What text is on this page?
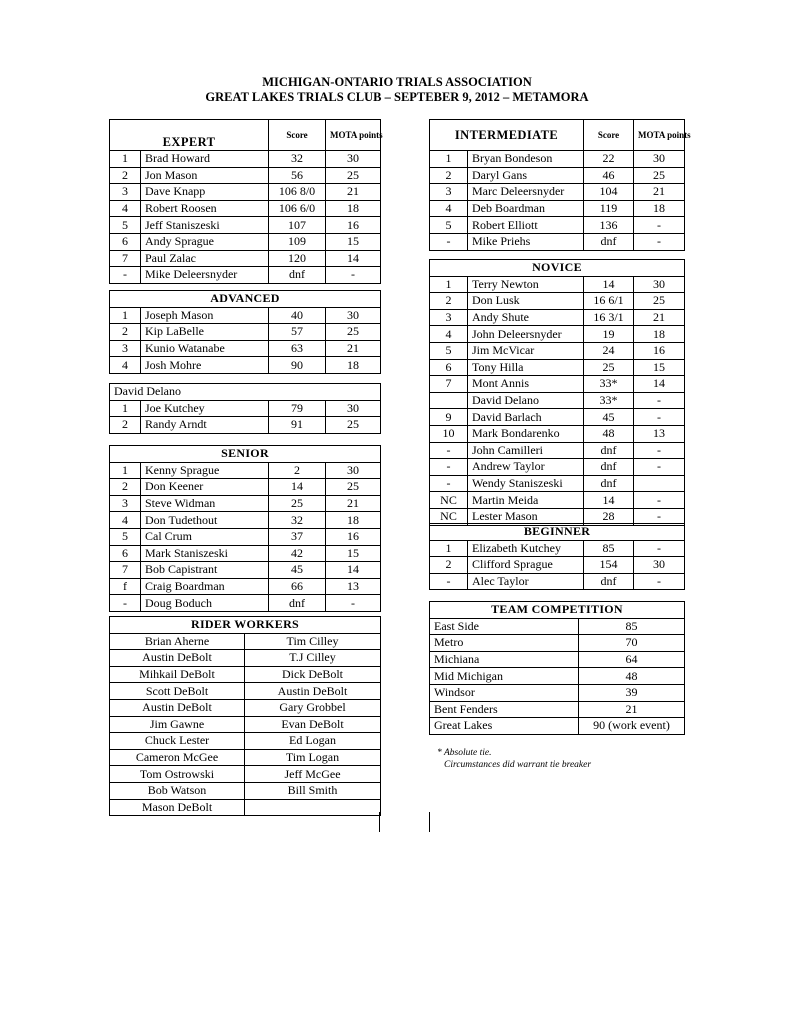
MICHIGAN-ONTARIO TRIALS ASSOCIATION
GREAT LAKES TRIALS CLUB – SEPTEBER 9, 2012 – METAMORA
EXPERT		Score	MOTA points
1	Brad Howard	32	30
2	Jon Mason	56	25
3	Dave Knapp	106 8/0	21
4	Robert Roosen	106 6/0	18
5	Jeff Staniszeski	107	16
6	Andy Sprague	109	15
7	Paul Zalac	120	14
-	Mike Deleersnyder	dnf	-
ADVANCED			
1	Joseph Mason	40	30
2	Kip LaBelle	57	25
3	Kunio Watanabe	63	21
4	Josh Mohre	90	18
David Delano			
1	Joe Kutchey	79	30
2	Randy Arndt	91	25
SENIOR			
1	Kenny Sprague	2	30
2	Don Keener	14	25
3	Steve Widman	25	21
4	Don Tudethout	32	18
5	Cal Crum	37	16
6	Mark Staniszeski	42	15
7	Bob Capistrant	45	14
f	Craig Boardman	66	13
-	Doug Boduch	dnf	-
RIDER WORKERS	
Brian Aherne	Tim Cilley
Austin DeBolt	T.J Cilley
Mihkail DeBolt	Dick DeBolt
Scott DeBolt	Austin DeBolt
Austin DeBolt	Gary Grobbel
Jim Gawne	Evan DeBolt
Chuck Lester	Ed Logan
Cameron McGee	Tim Logan
Tom Ostrowski	Jeff McGee
Bob Watson	Bill Smith
Mason DeBolt	
INTERMEDIATE		Score	MOTA points
1	Bryan Bondeson	22	30
2	Daryl Gans	46	25
3	Marc Deleersnyder	104	21
4	Deb Boardman	119	18
5	Robert Elliott	136	-
-	Mike Priehs	dnf	-
NOVICE			
1	Terry Newton	14	30
2	Don Lusk	16 6/1	25
3	Andy Shute	16 3/1	21
4	John Deleersnyder	19	18
5	Jim McVicar	24	16
6	Tony Hilla	25	15
7	Mont Annis	33*	14
	David Delano	33*	-
9	David Barlach	45	-
10	Mark Bondarenko	48	13
-	John Camilleri	dnf	-
-	Andrew Taylor	dnf	-
-	Wendy Staniszeski	dnf	
NC	Martin Meida	14	-
NC	Lester Mason	28	-
BEGINNER			
1	Elizabeth Kutchey	85	-
2	Clifford Sprague	154	30
-	Alec Taylor	dnf	-
TEAM COMPETITION	
East Side	85
Metro	70
Michiana	64
Mid Michigan	48
Windsor	39
Bent Fenders	21
Great Lakes	90 (work event)
* Absolute tie.
Circumstances did warrant tie breaker
